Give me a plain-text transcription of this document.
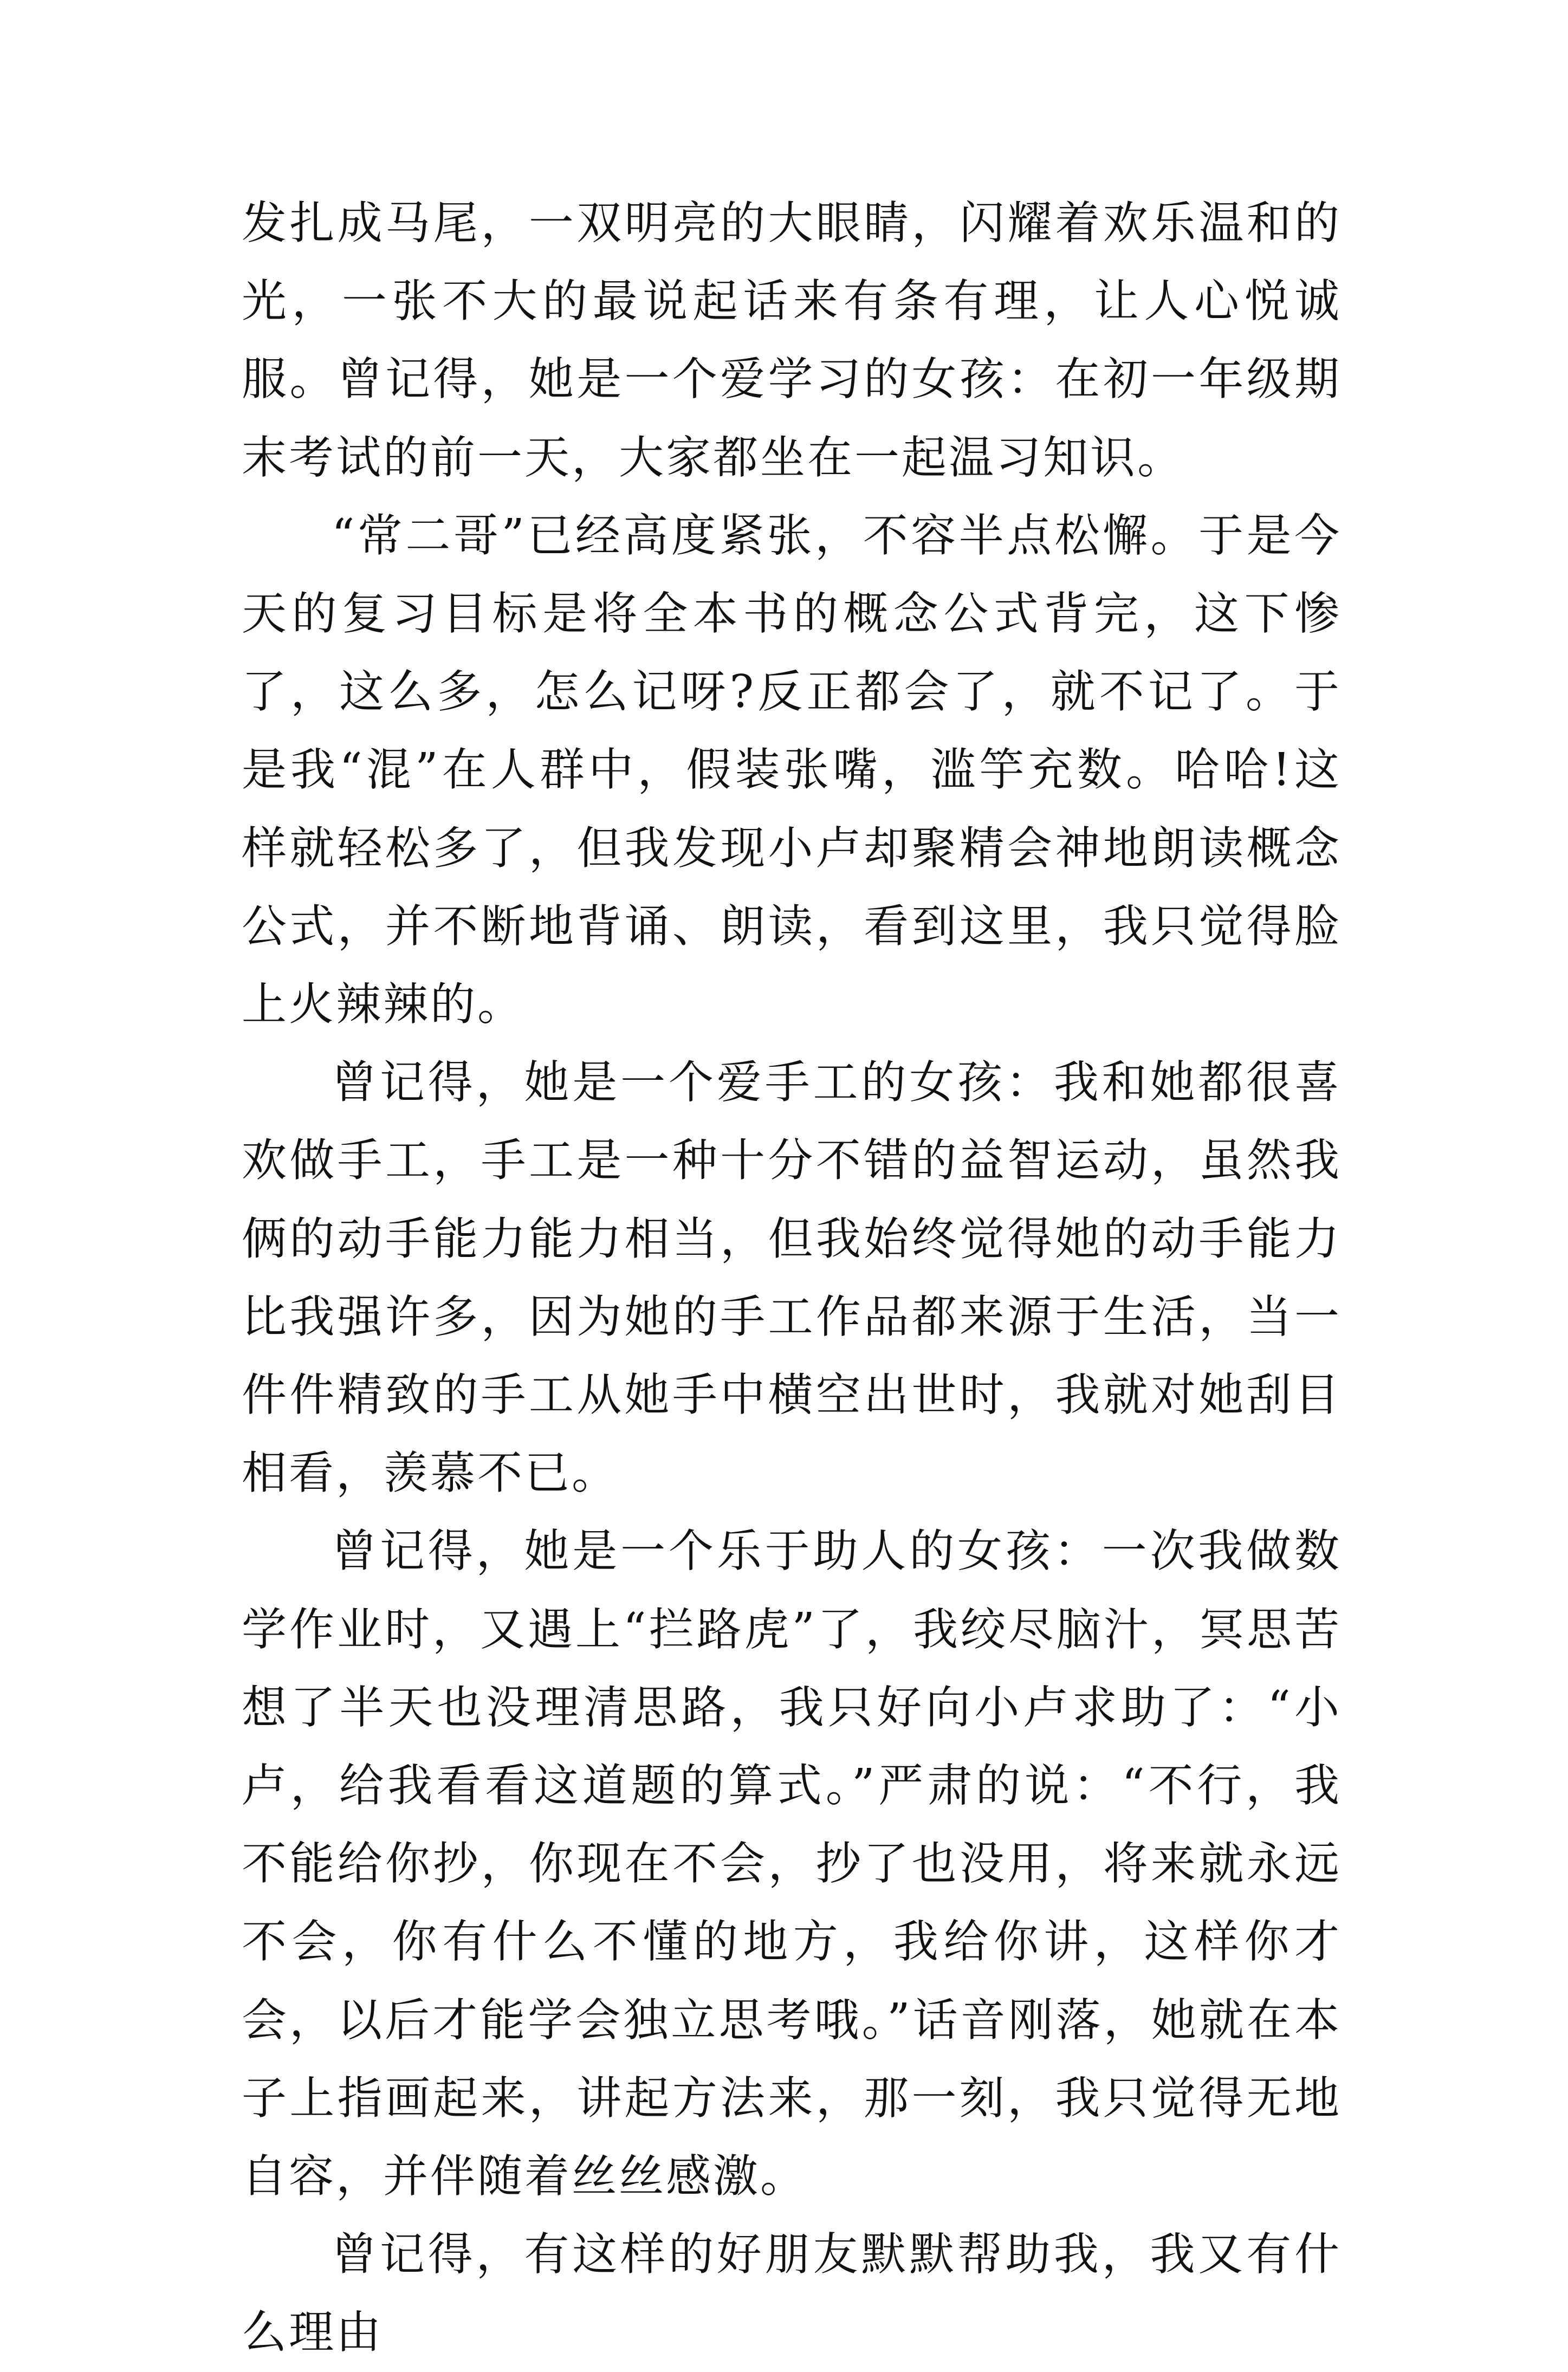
发扎成马尾，一双明亮的大眼睛，闪耀着欢乐温和的光，一张不大的最说起话来有条有理，让人心悦诚服。曾记得，她是一个爱学习的女孩：在初一年级期末考试的前一天，大家都坐在一起温习知识。

“常二哥”已经高度紧张，不容半点松懈。于是今天的复习目标是将全本书的概念公式背完，这下惨了，这么多，怎么记呀?反正都会了，就不记了。于是我“混”在人群中，假装张嘴，滥竽充数。哈哈!这样就轻松多了，但我发现小卢却聚精会神地朗读概念公式，并不断地背诵、朗读，看到这里，我只觉得脸上火辣辣的。

曾记得，她是一个爱手工的女孩：我和她都很喜欢做手工，手工是一种十分不错的益智运动，虽然我俩的动手能力能力相当，但我始终觉得她的动手能力比我强许多，因为她的手工作品都来源于生活，当一件件精致的手工从她手中横空出世时，我就对她刮目相看，羡慕不已。

曾记得，她是一个乐于助人的女孩：一次我做数学作业时，又遇上“拦路虎”了，我绞尽脑汁，冥思苦想了半天也没理清思路，我只好向小卢求助了：“小卢，给我看看这道题的算式。”严肃的说：“不行，我不能给你抄，你现在不会，抄了也没用，将来就永远不会，你有什么不懂的地方，我给你讲，这样你才会，以后才能学会独立思考哦。”话音刚落，她就在本子上指画起来，讲起方法来，那一刻，我只觉得无地自容，并伴随着丝丝感激。

曾记得，有这样的好朋友默默帮助我，我又有什么理由
